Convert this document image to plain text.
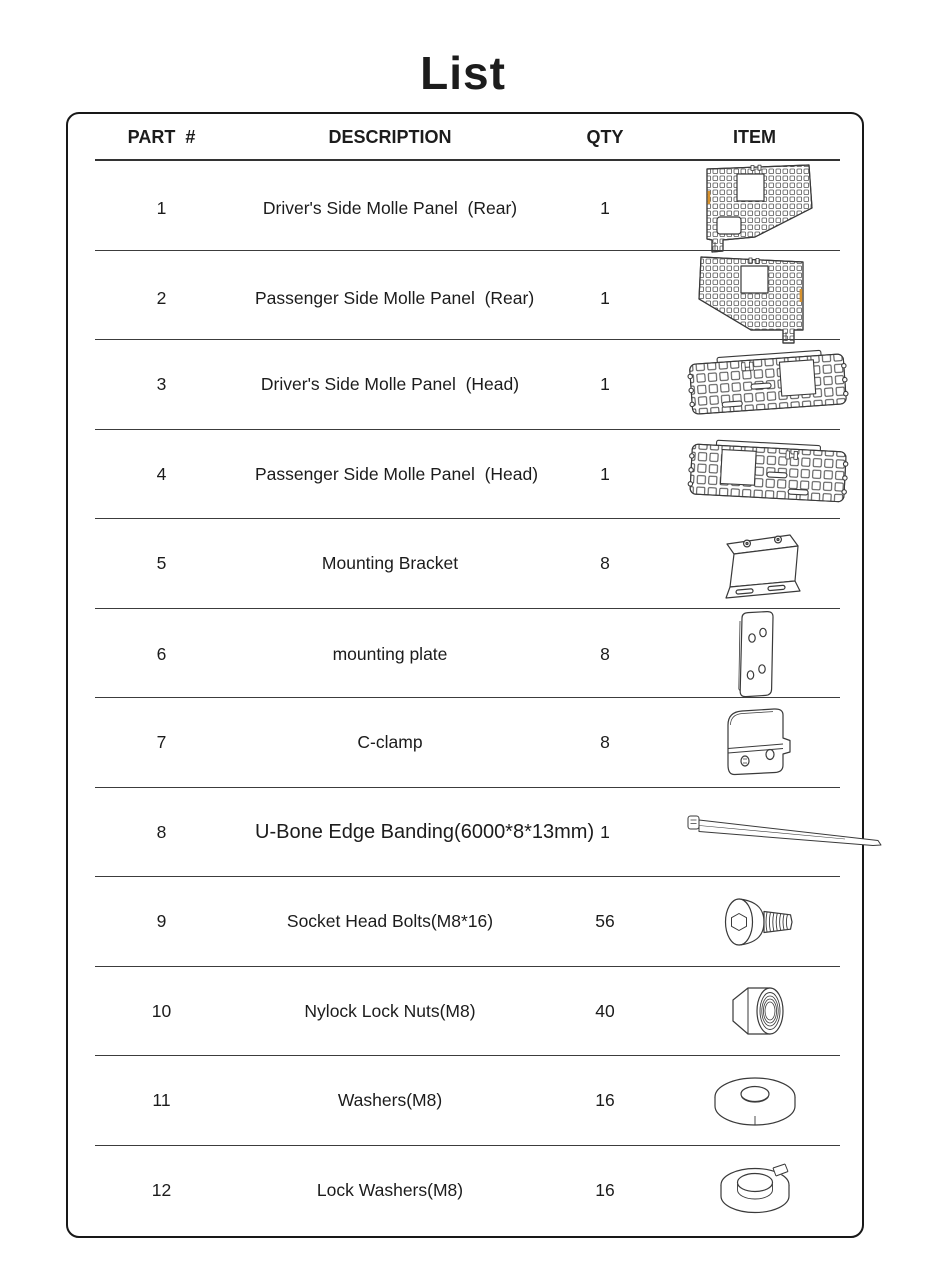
List
PART  #	DESCRIPTION	QTY	ITEM
1	Driver's Side Molle Panel  (Rear)	1
2	Passenger Side Molle Panel  (Rear)	1
3	Driver's Side Molle Panel  (Head)	1
4	Passenger Side Molle Panel  (Head)	1
5	Mounting Bracket	8
6	mounting plate	8
7	C-clamp	8
8	U-Bone Edge Banding(6000*8*13mm) 1
9	Socket Head Bolts(M8*16)	56
10	Nylock Lock Nuts(M8)	40
11	Washers(M8)	16
12	Lock Washers(M8)	16
